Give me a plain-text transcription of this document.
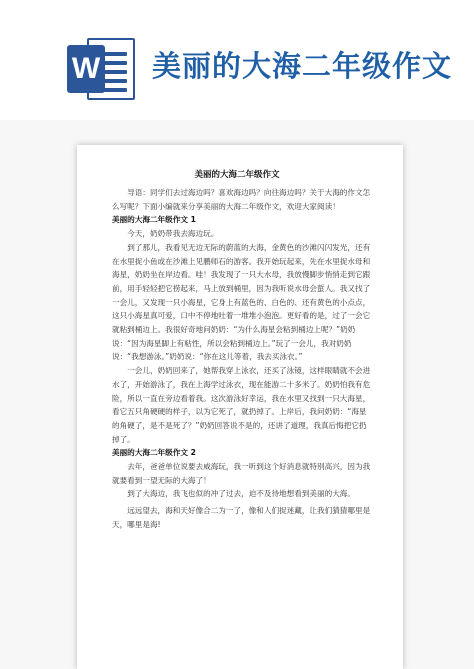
W 美丽的大海二年级作文
美丽的大海二年级作文

导语：同学们去过海边吗？喜欢海边吗？向往海边吗？关于大海的作文怎么写呢？下面小编就来分享美丽的大海二年级作文，欢迎大家阅读！

美丽的大海二年级作文 1

今天，奶奶带我去海边玩。

到了那儿，我看见无边无际的蔚蓝的大海，金黄色的沙滩闪闪发光，还有在水里捉小鱼或在沙滩上见鹏师石的游客。我开始玩起来，先在水里捉水母和海星，奶奶坐在岸边看。哇！我发现了一只大水母，我放慢脚步悄悄走到它跟前，用手轻轻把它捞起来，马上放到桶里，因为我听说水母会蜇人。我又找了一会儿，又发现一只小海星，它身上有蓝色的、白色的、还有黄色的小点点，这只小海星真可爱，口中不停地吐着一堆堆小泡泡。更好看的是，过了一会它就粘到桶边上。我很好奇地问奶奶：“为什么海星会粘到桶边上呢？”奶奶说：“因为海星脚上有粘性，所以会粘到桶边上。”玩了一会儿，我对奶奶说：“我想游泳。”奶奶说：“你在这儿等着，我去买泳衣。”

一会儿，奶奶回来了，她帮我穿上泳衣，还买了泳镜，这样眼睛就不会进水了，开始游泳了，我在上海学过泳衣，现在能游二十多米了。奶奶怕我有危险，所以一直在旁边看着我。这次游泳好幸运，我在水里又找到一只大海星，看它五只角硬硬的样子，以为它死了，就扔掉了。上岸后，我问奶奶：“海星的角硬了，是不是死了？”奶奶回答说不是的，还讲了道理，我真后悔把它扔掉了。

美丽的大海二年级作文 2

去年，爸爸单位说要去威海玩，我一听到这个好消息就特别高兴，因为我就要看到一望无际的大海了！

到了大海边，我飞也似的冲了过去，迫不及待地想看到美丽的大海。

远远望去，海和天好像合二为一了，像和人们捉迷藏，让我们猜猜哪里是天，哪里是海!
